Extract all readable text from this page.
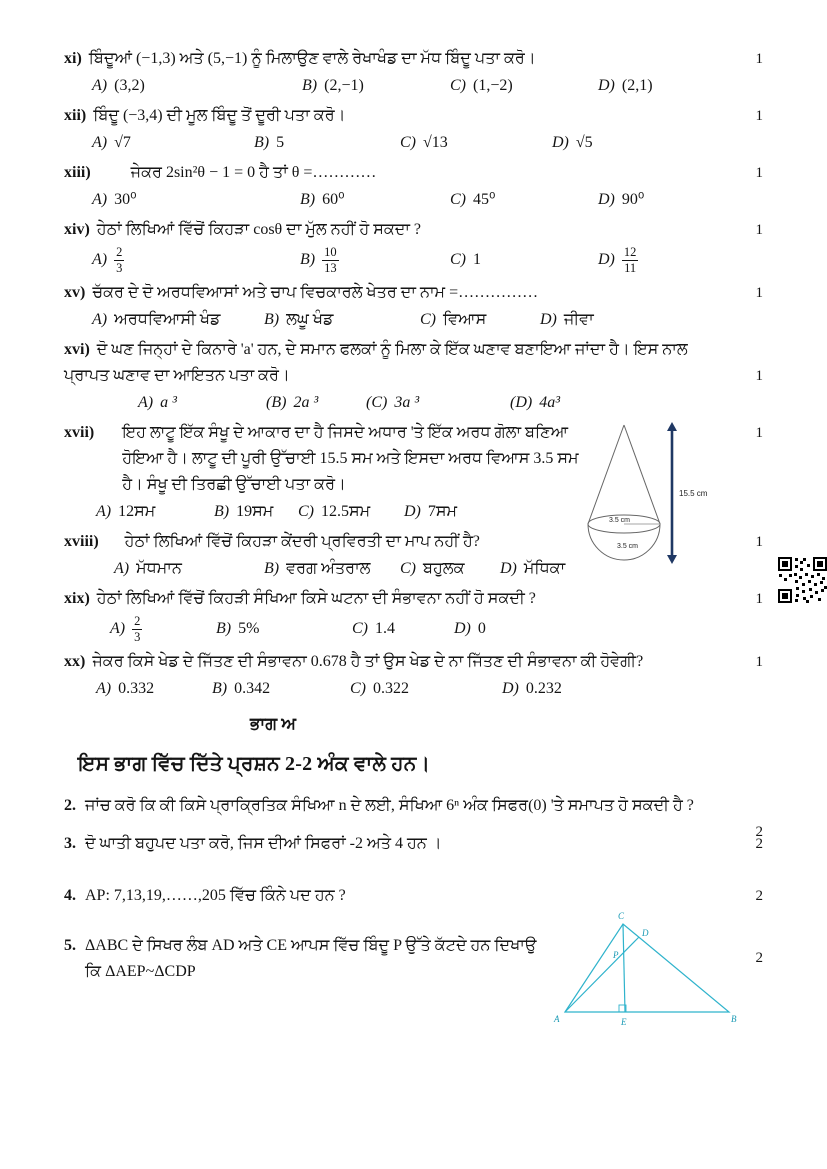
xi) ਬਿੰਦੂਆਂ (−1,3) ਅਤੇ (5,−1) ਨੂੰ ਮਿਲਾਉਣ ਵਾਲੇ ਰੇਖਾਖੰਡ ਦਾ ਮੱਧ ਬਿੰਦੂ ਪਤਾ ਕਰੋ।	1
A) (3,2)	B) (2,−1)	C) (1,−2)	D) (2,1)
xii) ਬਿੰਦੂ (−3,4) ਦੀ ਮੂਲ ਬਿੰਦੂ ਤੋਂ ਦੂਰੀ ਪਤਾ ਕਰੋ।	1
A) √7	B) 5	C) √13	D) √5
xiii)	ਜੇਕਰ 2sin²θ − 1 = 0 ਹੈ ਤਾਂ θ =…………	1
A) 30⁰	B) 60⁰	C) 45⁰	D) 90⁰
xiv) ਹੇਠਾਂ ਲਿਖਿਆਂ ਵਿੱਚੋਂ ਕਿਹੜਾ cosθ ਦਾ ਮੁੱਲ ਨਹੀਂ ਹੋ ਸਕਦਾ ?	1
$A) \frac{2}{3}$	$B) \frac{10}{13}$	C) 1	$D) \frac{12}{11}$
xv) ਚੱਕਰ ਦੇ ਦੋ ਅਰਧਵਿਆਸਾਂ ਅਤੇ ਚਾਪ ਵਿਚਕਾਰਲੇ ਖੇਤਰ ਦਾ ਨਾਮ =……………	1
A) ਅਰਧਵਿਆਸੀ ਖੰਡ	B) ਲਘੂ ਖੰਡ	C) ਵਿਆਸ	D) ਜੀਵਾ
xvi) ਦੋ ਘਣ ਜਿਨ੍ਹਾਂ ਦੇ ਕਿਨਾਰੇ 'a' ਹਨ, ਦੇ ਸਮਾਨ ਫਲਕਾਂ ਨੂੰ ਮਿਲਾ ਕੇ ਇੱਕ ਘਣਾਵ ਬਣਾਇਆ ਜਾਂਦਾ ਹੈ। ਇਸ ਨਾਲ ਪ੍ਰਾਪਤ ਘਣਾਵ ਦਾ ਆਇਤਨ ਪਤਾ ਕਰੋ।	1
A) a ³	(B) 2a ³	(C) 3a ³	(D) 4a³
xvii) ਇਹ ਲਾਟੂ ਇੱਕ ਸੰਖੂ ਦੇ ਆਕਾਰ ਦਾ ਹੈ ਜਿਸਦੇ ਅਧਾਰ 'ਤੇ ਇੱਕ ਅਰਧ ਗੋਲਾ ਬਣਿਆ ਹੋਇਆ ਹੈ। ਲਾਟੂ ਦੀ ਪੂਰੀ ਉੱਚਾਈ 15.5 ਸਮ ਅਤੇ ਇਸਦਾ ਅਰਧ ਵਿਆਸ 3.5 ਸਮ ਹੈ। ਸੰਖੂ ਦੀ ਤਿਰਛੀ ਉੱਚਾਈ ਪਤਾ ਕਰੋ।
1
A) 12ਸਮ	B) 19ਸਮ	C) 12.5ਸਮ	D) 7ਸਮ
15.5 cm
3.5 cm
3.5 cm
xviii) ਹੇਠਾਂ ਲਿਖਿਆਂ ਵਿੱਚੋਂ ਕਿਹੜਾ ਕੇਂਦਰੀ ਪ੍ਰਵਿਰਤੀ ਦਾ ਮਾਪ ਨਹੀਂ ਹੈ?	1
A) ਮੱਧਮਾਨ	B) ਵਰਗ ਅੰਤਰਾਲ	C) ਬਹੁਲਕ	D) ਮੱਧਿਕਾ
xix) ਹੇਠਾਂ ਲਿਖਿਆਂ ਵਿੱਚੋਂ ਕਿਹੜੀ ਸੰਖਿਆ ਕਿਸੇ ਘਟਨਾ ਦੀ ਸੰਭਾਵਨਾ ਨਹੀਂ ਹੋ ਸਕਦੀ ?	1
$A) \frac{2}{3}$	B) 5%	C) 1.4	D) 0
xx) ਜੇਕਰ ਕਿਸੇ ਖੇਡ ਦੇ ਜਿੱਤਣ ਦੀ ਸੰਭਾਵਨਾ 0.678 ਹੈ ਤਾਂ ਉਸ ਖੇਡ ਦੇ ਨਾ ਜਿੱਤਣ ਦੀ ਸੰਭਾਵਨਾ ਕੀ ਹੋਵੇਗੀ?	1
A) 0.332	B) 0.342	C) 0.322	D) 0.232
ਭਾਗ ਅ
ਇਸ ਭਾਗ ਵਿੱਚ ਦਿੱਤੇ ਪ੍ਰਸ਼ਨ 2-2 ਅੰਕ ਵਾਲੇ ਹਨ।
2. ਜਾਂਚ ਕਰੋ ਕਿ ਕੀ ਕਿਸੇ ਪ੍ਰਾਕ੍ਰਿਤਿਕ ਸੰਖਿਆ n ਦੇ ਲਈ, ਸੰਖਿਆ 6ⁿ ਅੰਕ ਸਿਫਰ(0) 'ਤੇ ਸਮਾਪਤ ਹੋ ਸਕਦੀ ਹੈ ?
2
3. ਦੋ ਘਾਤੀ ਬਹੁਪਦ ਪਤਾ ਕਰੋ, ਜਿਸ ਦੀਆਂ ਸਿਫਰਾਂ -2 ਅਤੇ 4 ਹਨ ।	2
4. AP: 7,13,19,……,205 ਵਿੱਚ ਕਿੰਨੇ ਪਦ ਹਨ ?	2
5. ΔABC ਦੇ ਸਿਖਰ ਲੰਬ AD ਅਤੇ CE ਆਪਸ ਵਿੱਚ ਬਿੰਦੂ P ਉੱਤੇ ਕੱਟਦੇ ਹਨ ਦਿਖਾਉ ਕਿ ΔAEP~ΔCDP
2
C
D
P
A	E	B
